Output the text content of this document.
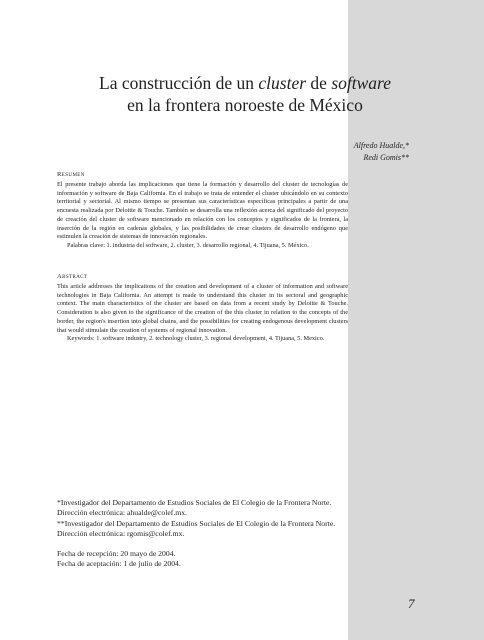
La construcción de un cluster de software
en la frontera noroeste de México
Alfredo Hualde,*
Redi Gomis**
Resumen

El presente trabajo aborda las implicaciones que tiene la formación y desarrollo del cluster de tecnologías de información y software de Baja California. En el trabajo se trata de entender el cluster ubicándolo en su contexto territorial y sectorial. Al mismo tiempo se presentan sus características específicas principales a partir de una encuesta realizada por Deloitte & Touche. También se desarrolla una reflexión acerca del significado del proyecto de creación del cluster de software mencionado en relación con los conceptos y significados de la frontera, la inserción de la región en cadenas globales, y las posibilidades de crear clusters de desarrollo endógeno que estimulen la creación de sistemas de innovación regionales.

Palabras clave: 1. industria del software, 2. cluster, 3. desarrollo regional, 4. Tijuana, 5. México.

Abstract

This article addresses the implications of the creation and development of a cluster of information and software technologies in Baja California. An attempt is made to understand this cluster in its sectoral and geographic context. The main characteristics of the cluster are based on data from a recent study by Deloitte & Touche. Consideration is also given to the significance of the creation of the this cluster in relation to the concepts of the border, the region's insertion into global chains, and the possibilities for creating endogenous development clusters that would stimulate the creation of systems of regional innovation.

Keywords: 1. software industry, 2. technology cluster, 3. regional development, 4. Tijuana, 5. Mexico.

*Investigador del Departamento de Estudios Sociales de El Colegio de la Frontera Norte. Dirección electrónica: ahualde@colef.mx.

**Investigador del Departamento de Estudios Sociales de El Colegio de la Frontera Norte. Dirección electrónica: rgomis@colef.mx.

Fecha de recepción: 20 mayo de 2004.

Fecha de aceptación: 1 de julio de 2004.

7
